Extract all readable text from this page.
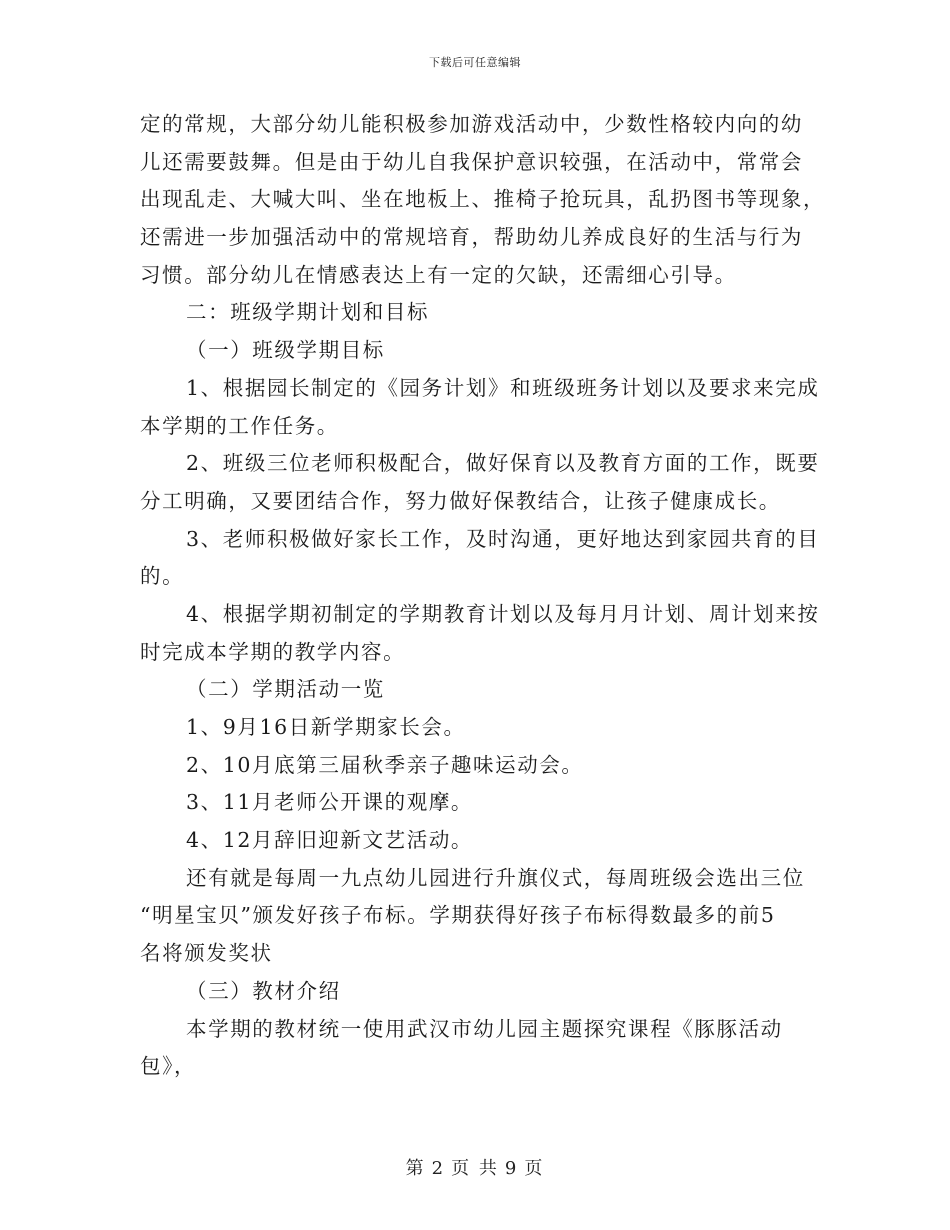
下载后可任意编辑
定的常规，大部分幼儿能积极参加游戏活动中，少数性格较内向的幼
儿还需要鼓舞。但是由于幼儿自我保护意识较强，在活动中，常常会
出现乱走、大喊大叫、坐在地板上、推椅子抢玩具，乱扔图书等现象，
还需进一步加强活动中的常规培育，帮助幼儿养成良好的生活与行为
习惯。部分幼儿在情感表达上有一定的欠缺，还需细心引导。
二：班级学期计划和目标
（一）班级学期目标
1、根据园长制定的《园务计划》和班级班务计划以及要求来完成
本学期的工作任务。
2、班级三位老师积极配合，做好保育以及教育方面的工作，既要
分工明确，又要团结合作，努力做好保教结合，让孩子健康成长。
3、老师积极做好家长工作，及时沟通，更好地达到家园共育的目
的。
4、根据学期初制定的学期教育计划以及每月月计划、周计划来按
时完成本学期的教学内容。
（二）学期活动一览
1、9月16日新学期家长会。
2、10月底第三届秋季亲子趣味运动会。
3、11月老师公开课的观摩。
4、12月辞旧迎新文艺活动。
还有就是每周一九点幼儿园进行升旗仪式，每周班级会选出三位
“明星宝贝”颁发好孩子布标。学期获得好孩子布标得数最多的前5
名将颁发奖状
（三）教材介绍
本学期的教材统一使用武汉市幼儿园主题探究课程《豚豚活动
包》，
第 2 页 共 9 页
